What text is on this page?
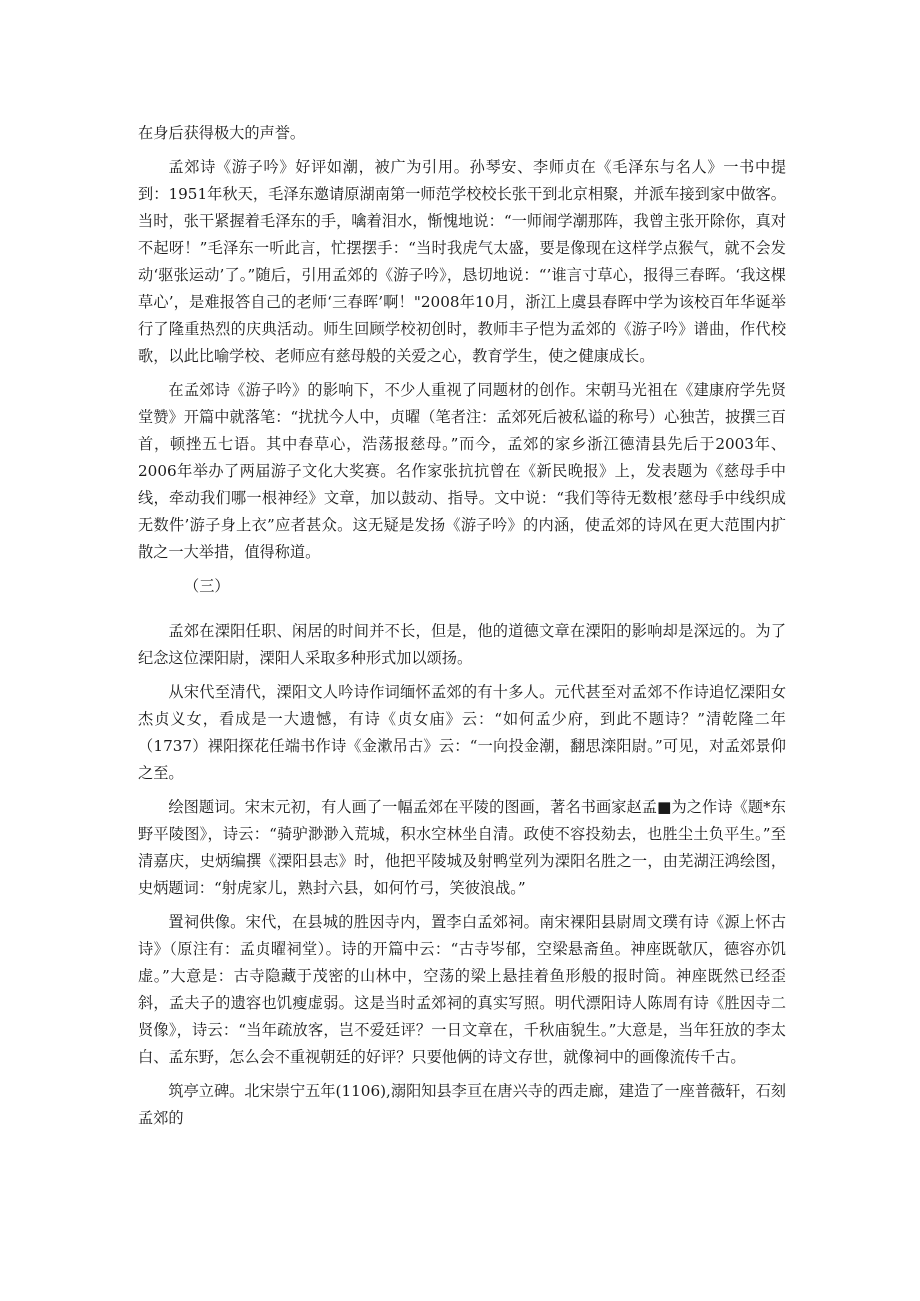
在身后获得极大的声誉。

孟郊诗《游子吟》好评如潮，被广为引用。孙琴安、李师贞在《毛泽东与名人》一书中提到：1951年秋天，毛泽东邀请原湖南第一师范学校校长张干到北京相聚，并派车接到家中做客。当时，张干紧握着毛泽东的手，噙着泪水，惭愧地说：“一师闹学潮那阵，我曾主张开除你，真对不起呀！”毛泽东一听此言，忙摆摆手：“当时我虎气太盛，要是像现在这样学点猴气，就不会发动‘驱张运动’了。”随后，引用孟郊的《游子吟》，恳切地说：“’谁言寸草心，报得三春晖。‘我这棵草心’，是难报答自己的老师‘三春晖’啊！"2008年10月，浙江上虞县春晖中学为该校百年华诞举行了隆重热烈的庆典活动。师生回顾学校初创时，教师丰子恺为孟郊的《游子吟》谱曲，作代校歌，以此比喻学校、老师应有慈母般的关爱之心，教育学生，使之健康成长。

在孟郊诗《游子吟》的影响下，不少人重视了同题材的创作。宋朝马光祖在《建康府学先贤堂赞》开篇中就落笔：“扰扰今人中，贞曜（笔者注：孟郊死后被私谥的称号）心独苦，披撰三百首，顿挫五七语。其中春草心，浩荡报慈母。”而今，孟郊的家乡浙江德清县先后于2003年、2006年举办了两届游子文化大奖赛。名作家张抗抗曾在《新民晚报》上，发表题为《慈母手中线，牵动我们哪一根神经》文章，加以鼓动、指导。文中说：“我们等待无数根’慈母手中线织成无数件’游子身上衣”应者甚众。这无疑是发扬《游子吟》的内涵，使孟郊的诗风在更大范围内扩散之一大举措，值得称道。

（三）

孟郊在溧阳任职、闲居的时间并不长，但是，他的道德文章在溧阳的影响却是深远的。为了纪念这位溧阳尉，溧阳人采取多种形式加以颂扬。

从宋代至清代，溧阳文人吟诗作词缅怀孟郊的有十多人。元代甚至对孟郊不作诗追忆溧阳女杰贞义女，看成是一大遗憾，有诗《贞女庙》云：“如何孟少府，到此不题诗？”清乾隆二年（1737）裸阳探花任端书作诗《金漱吊古》云：“一向投金潮，翻思滦阳尉。”可见，对孟郊景仰之至。

绘图题词。宋末元初，有人画了一幅孟郊在平陵的图画，著名书画家赵孟■为之作诗《题*东野平陵图》，诗云：“骑驴渺渺入荒城，积水空林坐自清。政使不容投劾去，也胜尘土负平生。”至清嘉庆，史炳编撰《溧阳县志》时，他把平陵城及射鸭堂列为溧阳名胜之一，由芜湖汪鸿绘图，史炳题词：“射虎家儿，熟封六县，如何竹弓，笑彼浪战。”

置祠供像。宋代，在县城的胜因寺内，置李白孟郊祠。南宋裸阳县尉周文璞有诗《源上怀古诗》（原注有：孟贞曜祠堂）。诗的开篇中云：“古寺岑郁，空梁悬斋鱼。神座既欹仄，德容亦饥虚。”大意是：古寺隐藏于茂密的山林中，空荡的梁上悬挂着鱼形般的报时筒。神座既然已经歪斜，孟夫子的遗容也饥瘦虚弱。这是当时孟郊祠的真实写照。明代漂阳诗人陈周有诗《胜因寺二贤像》，诗云：“当年疏放客，岂不爱廷评？一日文章在，千秋庙貌生。”大意是，当年狂放的李太白、孟东野，怎么会不重视朝廷的好评？只要他俩的诗文存世，就像祠中的画像流传千古。

筑亭立碑。北宋崇宁五年(1106),溺阳知县李亘在唐兴寺的西走廊，建造了一座普薇轩，石刻孟郊的
